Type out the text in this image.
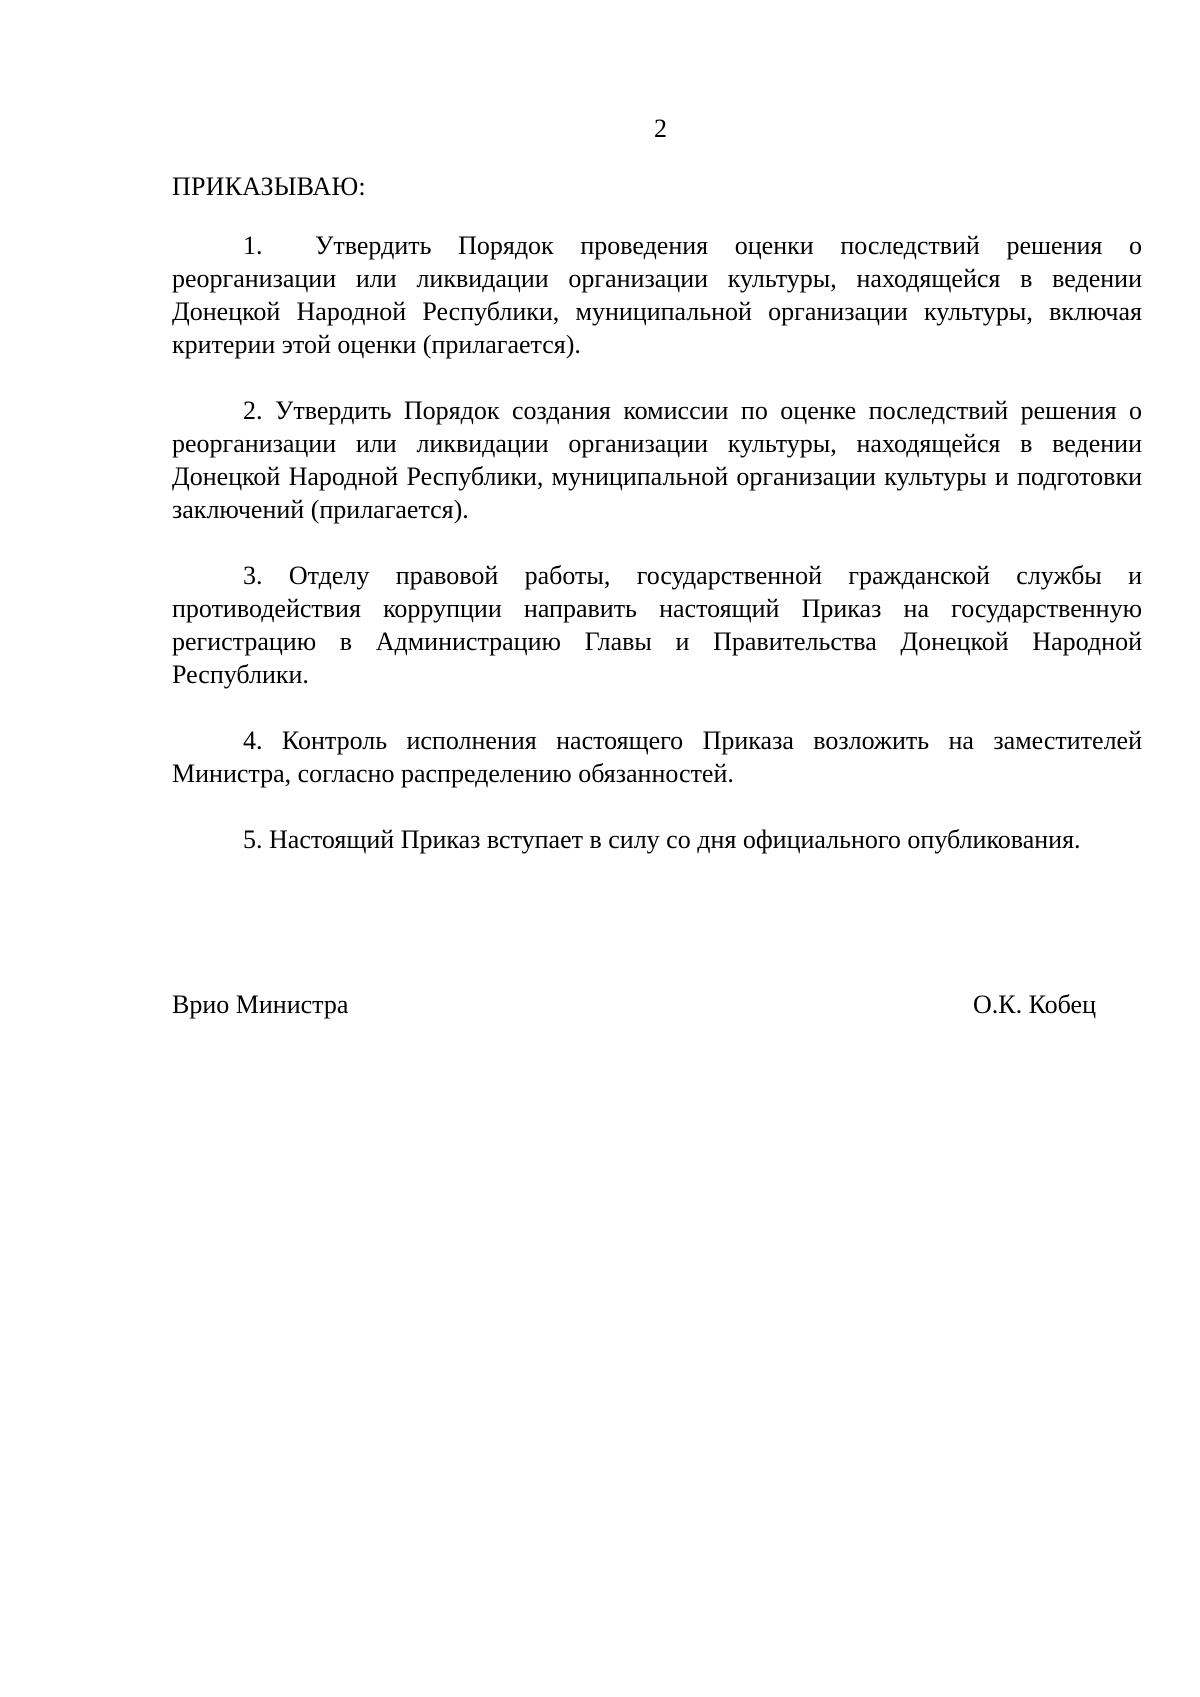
2
ПРИКАЗЫВАЮ:

1. Утвердить Порядок проведения оценки последствий решения о реорганизации или ликвидации организации культуры, находящейся в ведении Донецкой Народной Республики, муниципальной организации культуры, включая критерии этой оценки (прилагается).

2. Утвердить Порядок создания комиссии по оценке последствий решения о реорганизации или ликвидации организации культуры, находящейся в ведении Донецкой Народной Республики, муниципальной организации культуры и подготовки заключений (прилагается).

3. Отделу правовой работы, государственной гражданской службы и противодействия коррупции направить настоящий Приказ на государственную регистрацию в Администрацию Главы и Правительства Донецкой Народной Республики.

4. Контроль исполнения настоящего Приказа возложить на заместителей Министра, согласно распределению обязанностей.

5. Настоящий Приказ вступает в силу со дня официального опубликования.

Врио Министра	О.К. Кобец
